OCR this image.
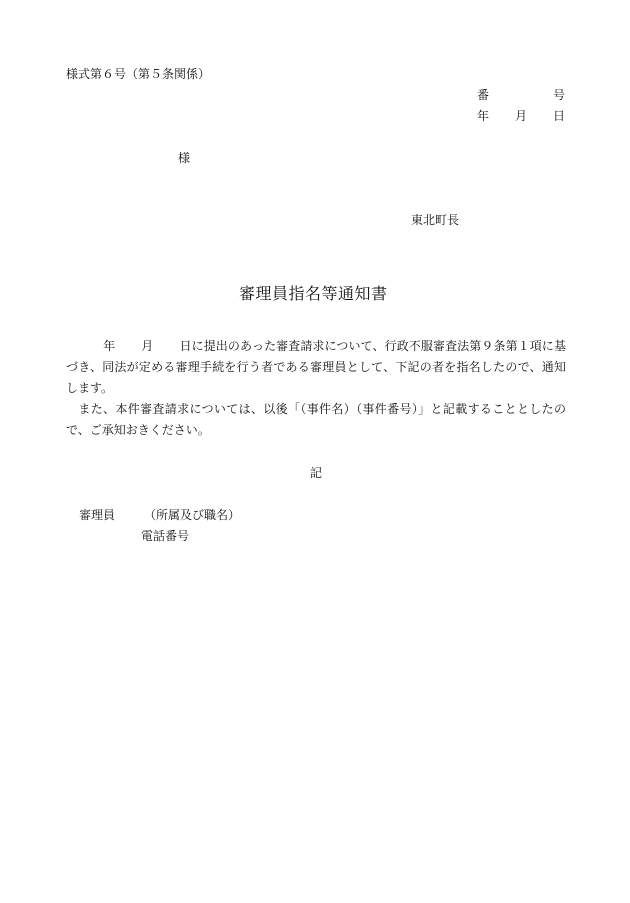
様式第６号（第５条関係）
番	号
年 月 日
様
東北町長
審理員指名等通知書

年 月 日に提出のあった審査請求について、行政不服審査法第９条第１項に基づき、同法が定める審理手続を行う者である審理員として、下記の者を指名したので、通知します。

　また、本件審査請求については、以後「（事件名）（事件番号）」と記載することとしたので、ご承知おきください。

記
審理員 （所属及び職名）
電話番号
